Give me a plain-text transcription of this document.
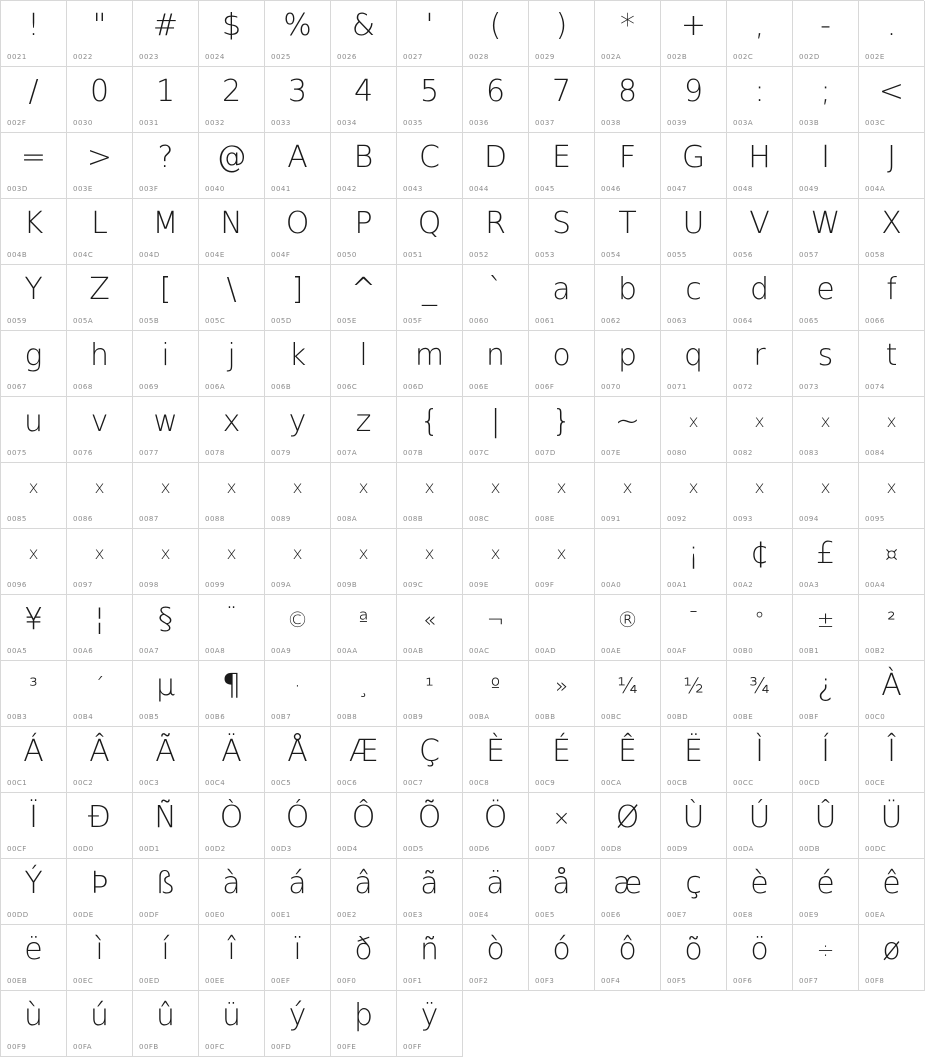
!
0021
"
0022
#
0023
$
0024
%
0025
&
0026
'
0027
(
0028
)
0029
*
002A
+
002B
,
002C
-
002D
.
002E
/
002F
0
0030
1
0031
2
0032
3
0033
4
0034
5
0035
6
0036
7
0037
8
0038
9
0039
:
003A
;
003B
<
003C
=
003D
>
003E
?
003F
@
0040
A
0041
B
0042
C
0043
D
0044
E
0045
F
0046
G
0047
H
0048
I
0049
J
004A
K
004B
L
004C
M
004D
N
004E
O
004F
P
0050
Q
0051
R
0052
S
0053
T
0054
U
0055
V
0056
W
0057
X
0058
Y
0059
Z
005A
[
005B
\
005C
]
005D
^
005E
_
005F
`
0060
a
0061
b
0062
c
0063
d
0064
e
0065
f
0066
g
0067
h
0068
i
0069
j
006A
k
006B
l
006C
m
006D
n
006E
o
006F
p
0070
q
0071
r
0072
s
0073
t
0074
u
0075
v
0076
w
0077
x
0078
y
0079
z
007A
{
007B
|
007C
}
007D
~
007E
x
0080
x
0082
x
0083
x
0084
x
0085
x
0086
x
0087
x
0088
x
0089
x
008A
x
008B
x
008C
x
008E
x
0091
x
0092
x
0093
x
0094
x
0095
x
0096
x
0097
x
0098
x
0099
x
009A
x
009B
x
009C
x
009E
x
009F	00A0
¡
00A1
¢
00A2
£
00A3
¤
00A4
¥
00A5
¦
00A6
§
00A7
¨
00A8
©
00A9
ª
00AA
«
00AB
¬
00AC	00AD
®
00AE
¯
00AF
°
00B0
±
00B1
²
00B2
³
00B3
´
00B4
µ
00B5
¶
00B6
·
00B7
¸
00B8
¹
00B9
º
00BA
»
00BB
¼
00BC
½
00BD
¾
00BE
¿
00BF
À
00C0
Á
00C1
Â
00C2
Ã
00C3
Ä
00C4
Å
00C5
Æ
00C6
Ç
00C7
È
00C8
É
00C9
Ê
00CA
Ë
00CB
Ì
00CC
Í
00CD
Î
00CE
Ï
00CF
Ð
00D0
Ñ
00D1
Ò
00D2
Ó
00D3
Ô
00D4
Õ
00D5
Ö
00D6
×
00D7
Ø
00D8
Ù
00D9
Ú
00DA
Û
00DB
Ü
00DC
Ý
00DD
Þ
00DE
ß
00DF
à
00E0
á
00E1
â
00E2
ã
00E3
ä
00E4
å
00E5
æ
00E6
ç
00E7
è
00E8
é
00E9
ê
00EA
ë
00EB
ì
00EC
í
00ED
î
00EE
ï
00EF
ð
00F0
ñ
00F1
ò
00F2
ó
00F3
ô
00F4
õ
00F5
ö
00F6
÷
00F7
ø
00F8
ù
00F9
ú
00FA
û
00FB
ü
00FC
ý
00FD
þ
00FE
ÿ
00FF
